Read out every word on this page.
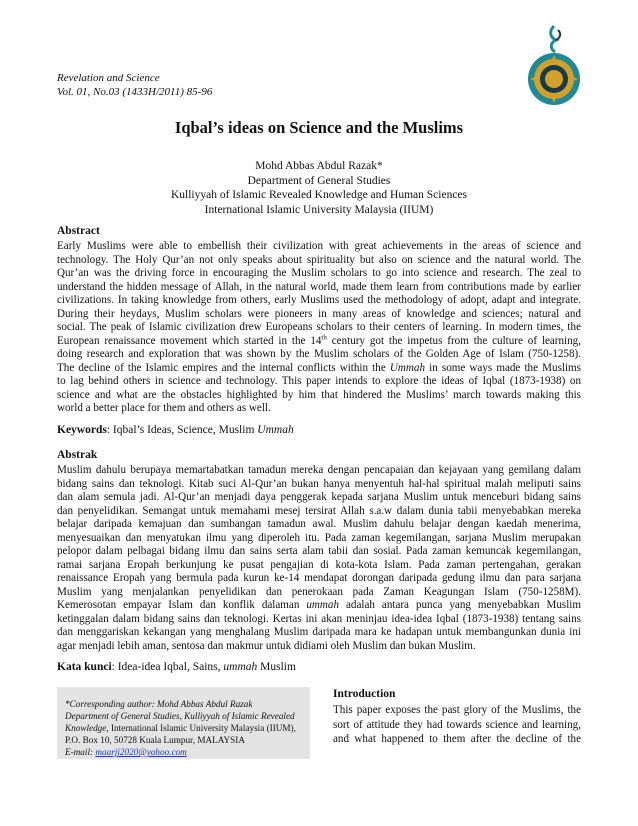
Revelation and Science
Vol. 01, No.03 (1433H/2011) 85-96
Iqbal’s ideas on Science and the Muslims
Mohd Abbas Abdul Razak*
Department of General Studies
Kulliyyah of Islamic Revealed Knowledge and Human Sciences
International Islamic University Malaysia (IIUM)
Abstract
Early Muslims were able to embellish their civilization with great achievements in the areas of science and
technology. The Holy Qur’an not only speaks about spirituality but also on science and the natural world. The
Qur’an was the driving force in encouraging the Muslim scholars to go into science and research. The zeal to
understand the hidden message of Allah, in the natural world, made them learn from contributions made by earlier
civilizations. In taking knowledge from others, early Muslims used the methodology of adopt, adapt and integrate.
During their heydays, Muslim scholars were pioneers in many areas of knowledge and sciences; natural and
social. The peak of Islamic civilization drew Europeans scholars to their centers of learning. In modern times, the
European renaissance movement which started in the 14th century got the impetus from the culture of learning,
doing research and exploration that was shown by the Muslim scholars of the Golden Age of Islam (750-1258).
The decline of the Islamic empires and the internal conflicts within the Ummah in some ways made the Muslims
to lag behind others in science and technology. This paper intends to explore the ideas of Iqbal (1873-1938) on
science and what are the obstacles highlighted by him that hindered the Muslims’ march towards making this
world a better place for them and others as well.
Keywords: Iqbal’s Ideas, Science, Muslim Ummah
Abstrak
Muslim dahulu berupaya memartabatkan tamadun mereka dengan pencapaian dan kejayaan yang gemilang dalam
bidang sains dan teknologi. Kitab suci Al-Qur’an bukan hanya menyentuh hal-hal spiritual malah meliputi sains
dan alam semula jadi. Al-Qur’an menjadi daya penggerak kepada sarjana Muslim untuk menceburi bidang sains
dan penyelidikan. Semangat untuk memahami mesej tersirat Allah s.a.w dalam dunia tabii menyebabkan mereka
belajar daripada kemajuan dan sumbangan tamadun awal. Muslim dahulu belajar dengan kaedah menerima,
menyesuaikan dan menyatukan ilmu yang diperoleh itu. Pada zaman kegemilangan, sarjana Muslim merupakan
pelopor dalam pelbagai bidang ilmu dan sains serta alam tabii dan sosial. Pada zaman kemuncak kegemilangan,
ramai sarjana Eropah berkunjung ke pusat pengajian di kota-kota Islam. Pada zaman pertengahan, gerakan
renaissance Eropah yang bermula pada kurun ke-14 mendapat dorongan daripada gedung ilmu dan para sarjana
Muslim yang menjalankan penyelidikan dan penerokaan pada Zaman Keagungan Islam (750-1258M).
Kemerosotan empayar Islam dan konflik dalaman ummah adalah antara punca yang menyebabkan Muslim
ketinggalan dalam bidang sains dan teknologi. Kertas ini akan meninjau idea-idea Iqbal (1873-1938) tentang sains
dan menggariskan kekangan yang menghalang Muslim daripada mara ke hadapan untuk membangunkan dunia ini
agar menjadi lebih aman, sentosa dan makmur untuk didiami oleh Muslim dan bukan Muslim.
Kata kunci: Idea-idea Iqbal, Sains, ummah Muslim
*Corresponding author: Mohd Abbas Abdul Razak
Department of General Studies, Kulliyyah of Islamic Revealed
Knowledge, International Islamic University Malaysia (IIUM),
P.O. Box 10, 50728 Kuala Lumpur, MALAYSIA
E-mail: maarji2020@yahoo.com
Introduction
This paper exposes the past glory of the Muslims, the
sort of attitude they had towards science and learning,
and what happened to them after the decline of the
